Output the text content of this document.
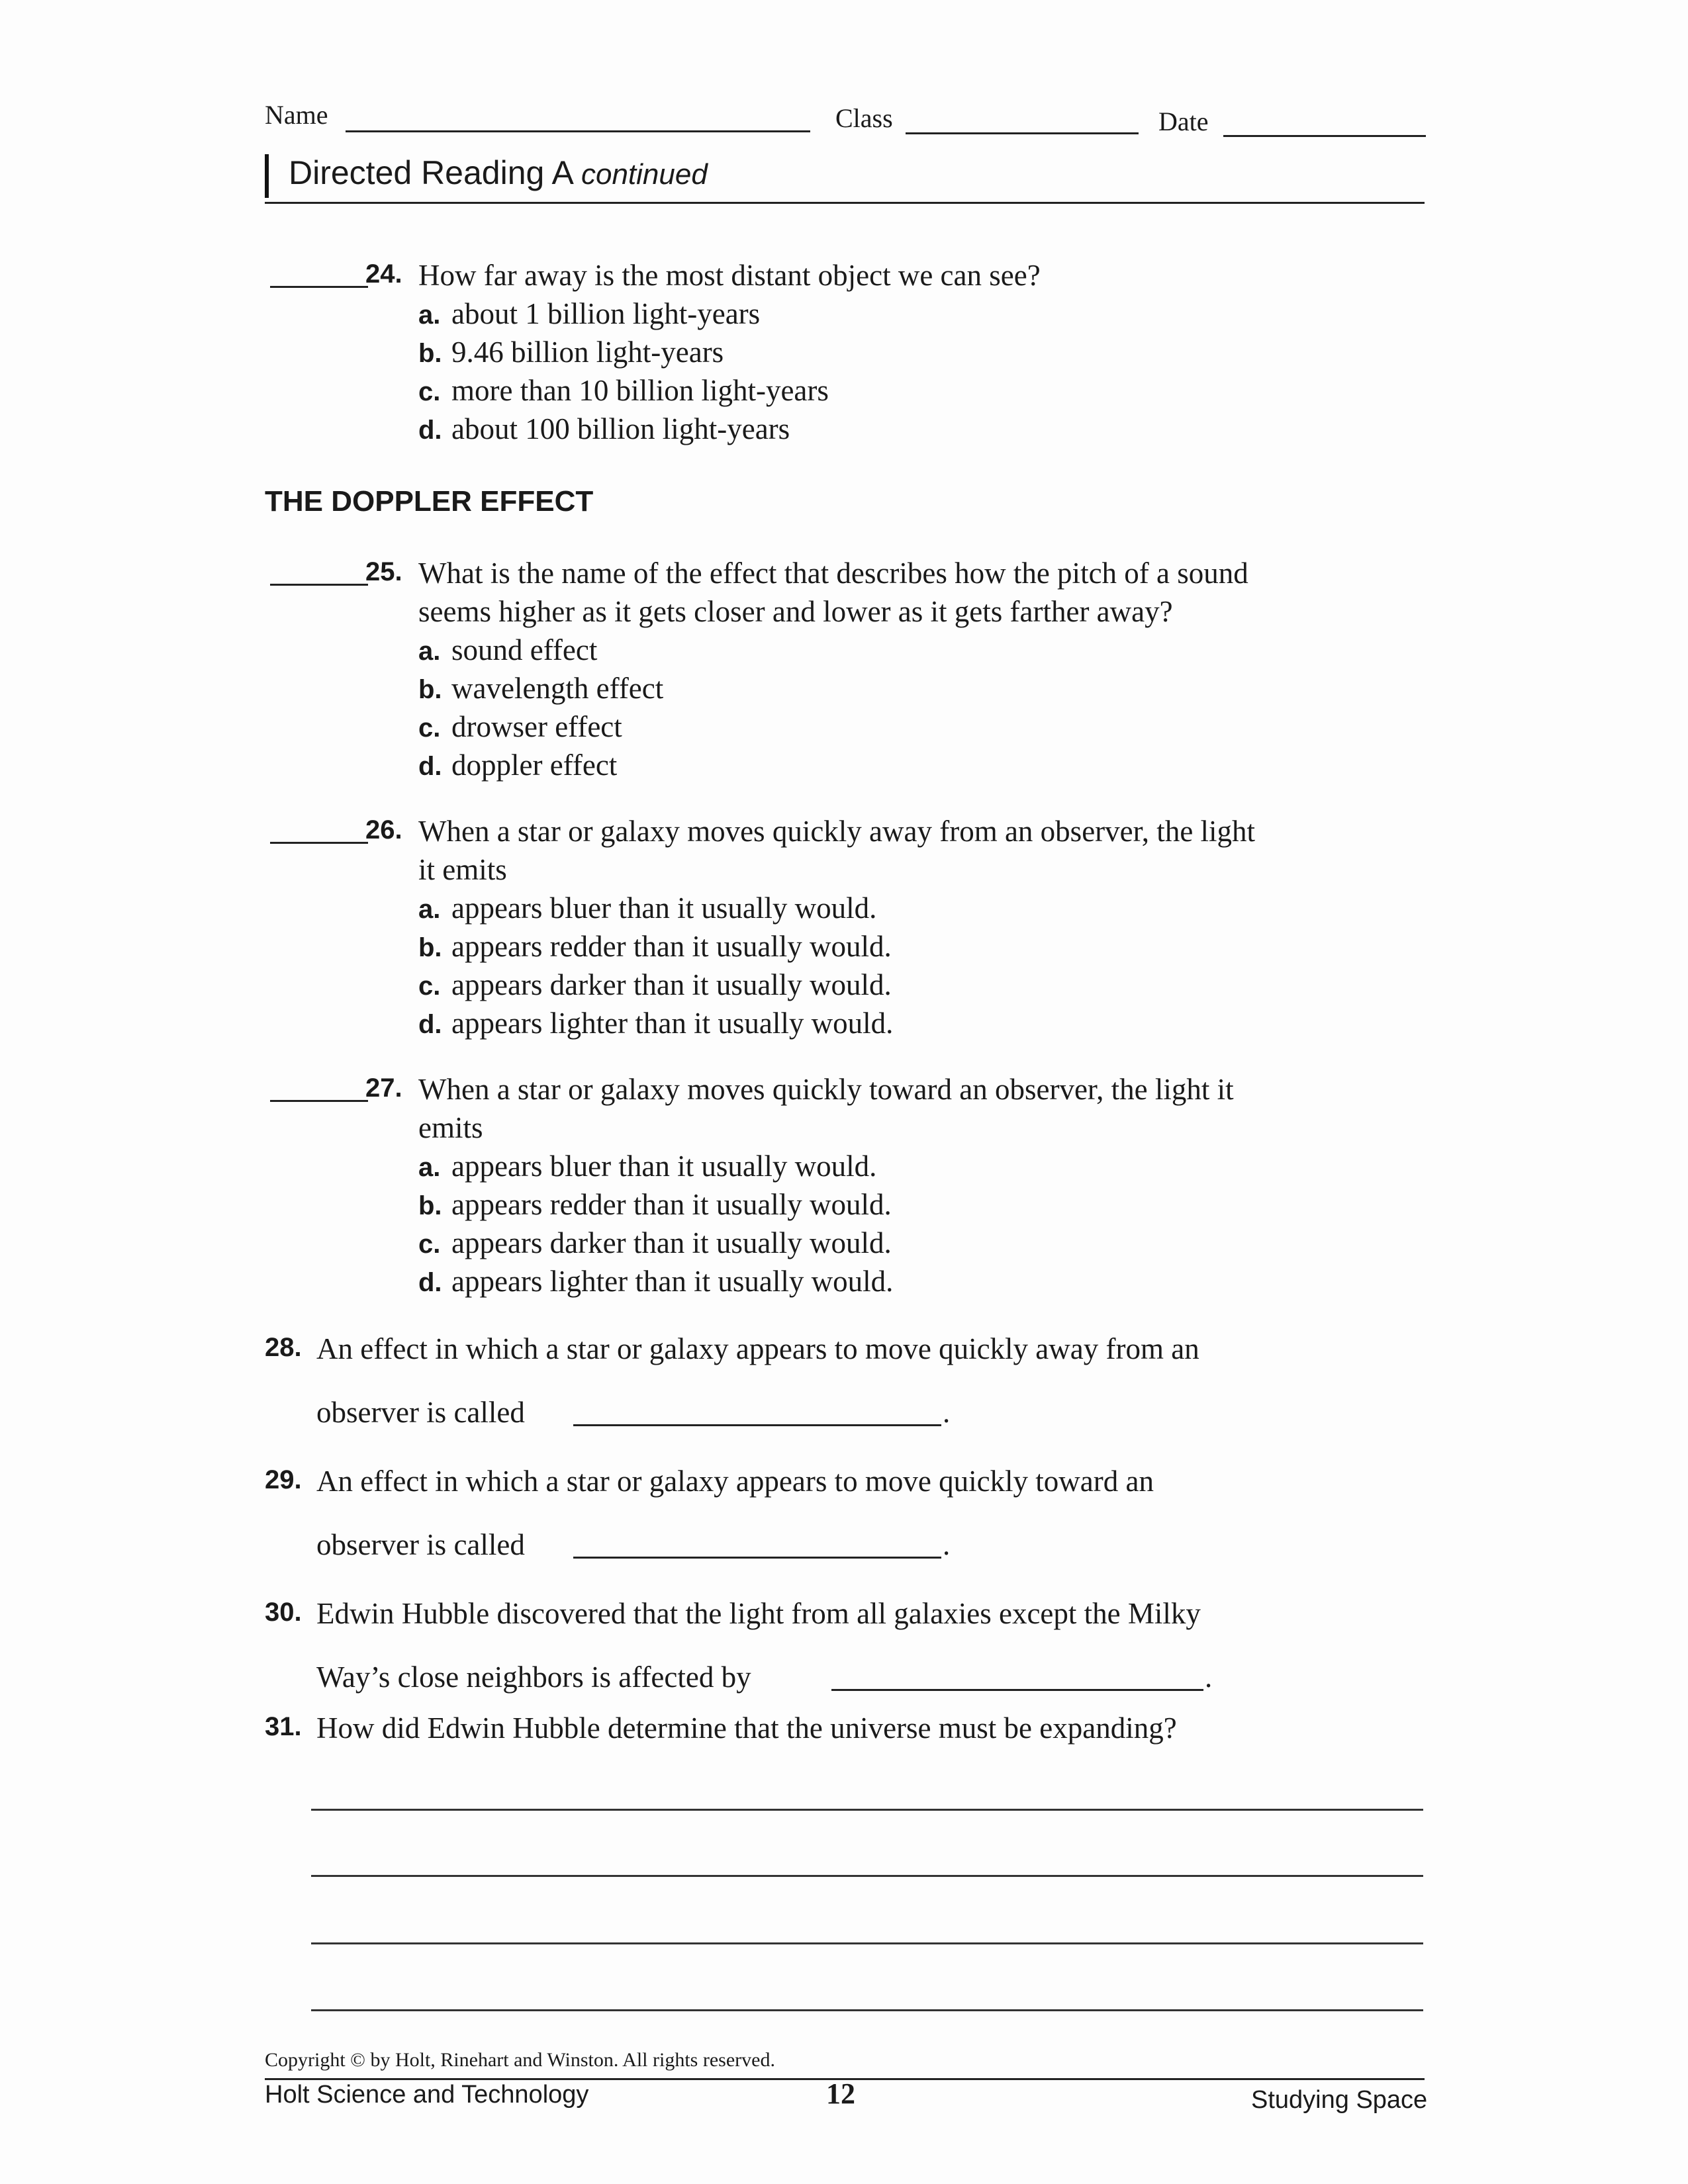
Name	Class	Date
Directed Reading A continued
24. How far away is the most distant object we can see?
a. about 1 billion light-years
b. 9.46 billion light-years
c. more than 10 billion light-years
d. about 100 billion light-years
THE DOPPLER EFFECT
25. What is the name of the effect that describes how the pitch of a sound
seems higher as it gets closer and lower as it gets farther away?
a. sound effect
b. wavelength effect
c. drowser effect
d. doppler effect
26. When a star or galaxy moves quickly away from an observer, the light
it emits
a. appears bluer than it usually would.
b. appears redder than it usually would.
c. appears darker than it usually would.
d. appears lighter than it usually would.
27. When a star or galaxy moves quickly toward an observer, the light it
emits
a. appears bluer than it usually would.
b. appears redder than it usually would.
c. appears darker than it usually would.
d. appears lighter than it usually would.
28. An effect in which a star or galaxy appears to move quickly away from an
observer is called	.
29. An effect in which a star or galaxy appears to move quickly toward an
observer is called	.
30. Edwin Hubble discovered that the light from all galaxies except the Milky
Way’s close neighbors is affected by	.
31. How did Edwin Hubble determine that the universe must be expanding?
Copyright © by Holt, Rinehart and Winston. All rights reserved.
Holt Science and Technology	12	Studying Space
